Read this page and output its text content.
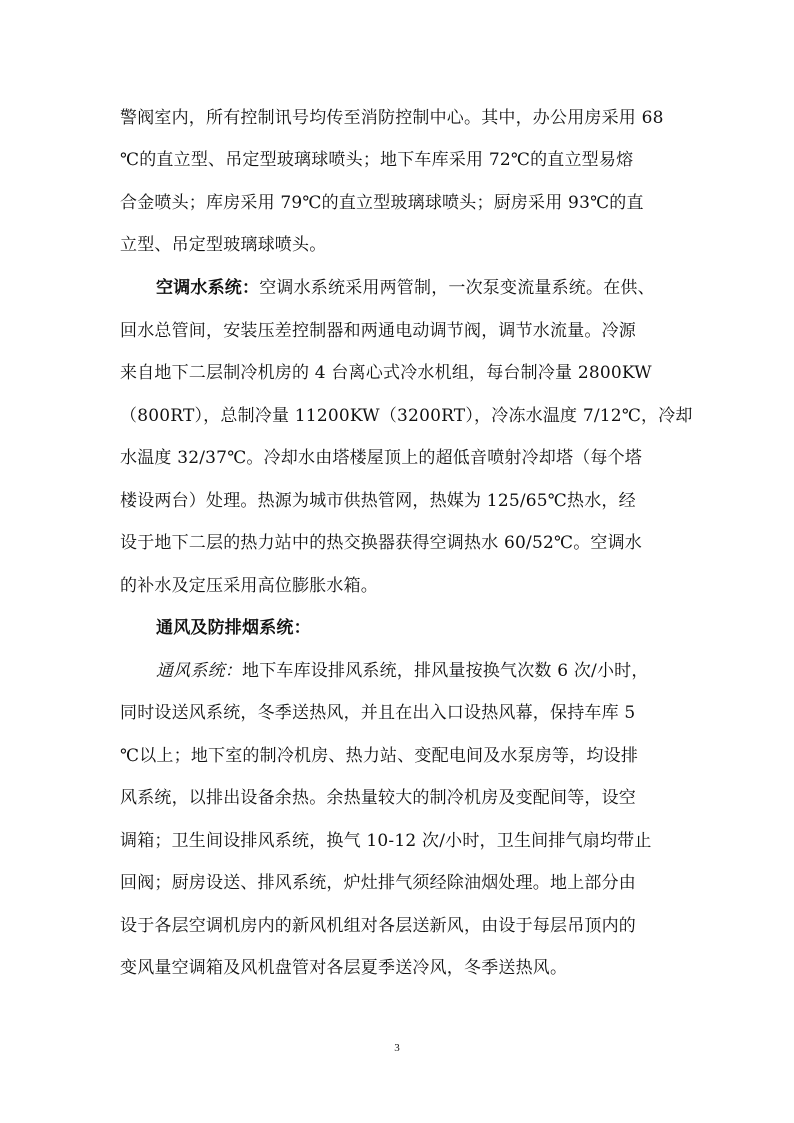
警阀室内，所有控制讯号均传至消防控制中心。其中，办公用房采用 68
℃的直立型、吊定型玻璃球喷头；地下车库采用 72℃的直立型易熔
合金喷头；库房采用 79℃的直立型玻璃球喷头；厨房采用 93℃的直
立型、吊定型玻璃球喷头。
空调水系统：空调水系统采用两管制，一次泵变流量系统。在供、
回水总管间，安装压差控制器和两通电动调节阀，调节水流量。冷源
来自地下二层制冷机房的 4 台离心式冷水机组，每台制冷量 2800KW
（800RT），总制冷量 11200KW（3200RT），冷冻水温度 7/12℃，冷却
水温度 32/37℃。冷却水由塔楼屋顶上的超低音喷射冷却塔（每个塔
楼设两台）处理。热源为城市供热管网，热媒为 125/65℃热水，经
设于地下二层的热力站中的热交换器获得空调热水 60/52℃。空调水
的补水及定压采用高位膨胀水箱。
通风及防排烟系统：
通风系统：地下车库设排风系统，排风量按换气次数 6 次/小时，
同时设送风系统，冬季送热风，并且在出入口设热风幕，保持车库 5
℃以上；地下室的制冷机房、热力站、变配电间及水泵房等，均设排
风系统，以排出设备余热。余热量较大的制冷机房及变配间等，设空
调箱；卫生间设排风系统，换气 10-12 次/小时，卫生间排气扇均带止
回阀；厨房设送、排风系统，炉灶排气须经除油烟处理。地上部分由
设于各层空调机房内的新风机组对各层送新风，由设于每层吊顶内的
变风量空调箱及风机盘管对各层夏季送冷风，冬季送热风。
3
